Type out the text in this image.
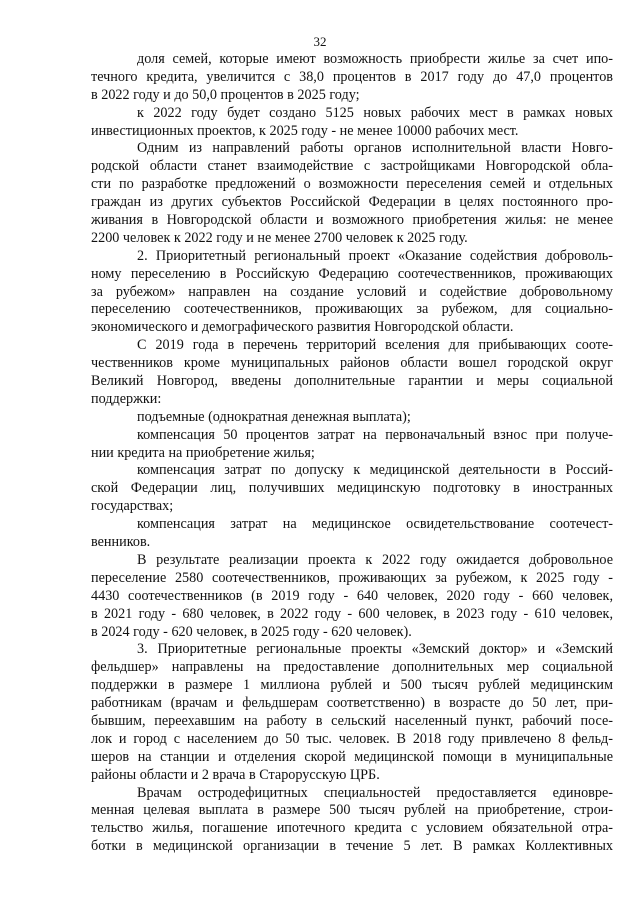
32
доля семей, которые имеют возможность приобрести жилье за счет ипо-
течного кредита, увеличится с 38,0 процентов в 2017 году до 47,0 процентов
в 2022 году и до 50,0 процентов в 2025 году;
к 2022 году будет создано 5125 новых рабочих мест в рамках новых
инвестиционных проектов, к 2025 году - не менее 10000 рабочих мест.
Одним из направлений работы органов исполнительной власти Новго-
родской области станет взаимодействие с застройщиками Новгородской обла-
сти по разработке предложений о возможности переселения семей и отдельных
граждан из других субъектов Российской Федерации в целях постоянного про-
живания в Новгородской области и возможного приобретения жилья: не менее
2200 человек к 2022 году и не менее 2700 человек к 2025 году.
2. Приоритетный региональный проект «Оказание содействия доброволь-
ному переселению в Российскую Федерацию соотечественников, проживающих
за рубежом» направлен на создание условий и содействие добровольному
переселению соотечественников, проживающих за рубежом, для социально-
экономического и демографического развития Новгородской области.
С 2019 года в перечень территорий вселения для прибывающих сооте-
чественников кроме муниципальных районов области вошел городской округ
Великий Новгород, введены дополнительные гарантии и меры социальной
поддержки:
подъемные (однократная денежная выплата);
компенсация 50 процентов затрат на первоначальный взнос при получе-
нии кредита на приобретение жилья;
компенсация затрат по допуску к медицинской деятельности в Россий-
ской Федерации лиц, получивших медицинскую подготовку в иностранных
государствах;
компенсация затрат на медицинское освидетельствование соотечест-
венников.
В результате реализации проекта к 2022 году ожидается добровольное
переселение 2580 соотечественников, проживающих за рубежом, к 2025 году -
4430 соотечественников (в 2019 году - 640 человек, 2020 году - 660 человек,
в 2021 году - 680 человек, в 2022 году - 600 человек, в 2023 году - 610 человек,
в 2024 году - 620 человек, в 2025 году - 620 человек).
3. Приоритетные региональные проекты «Земский доктор» и «Земский
фельдшер» направлены на предоставление дополнительных мер социальной
поддержки в размере 1 миллиона рублей и 500 тысяч рублей медицинским
работникам (врачам и фельдшерам соответственно) в возрасте до 50 лет, при-
бывшим, переехавшим на работу в сельский населенный пункт, рабочий посе-
лок и город с населением до 50 тыс. человек. В 2018 году привлечено 8 фельд-
шеров на станции и отделения скорой медицинской помощи в муниципальные
районы области и 2 врача в Старорусскую ЦРБ.
Врачам остродефицитных специальностей предоставляется единовре-
менная целевая выплата в размере 500 тысяч рублей на приобретение, строи-
тельство жилья, погашение ипотечного кредита с условием обязательной отра-
ботки в медицинской организации в течение 5 лет. В рамках Коллективных
